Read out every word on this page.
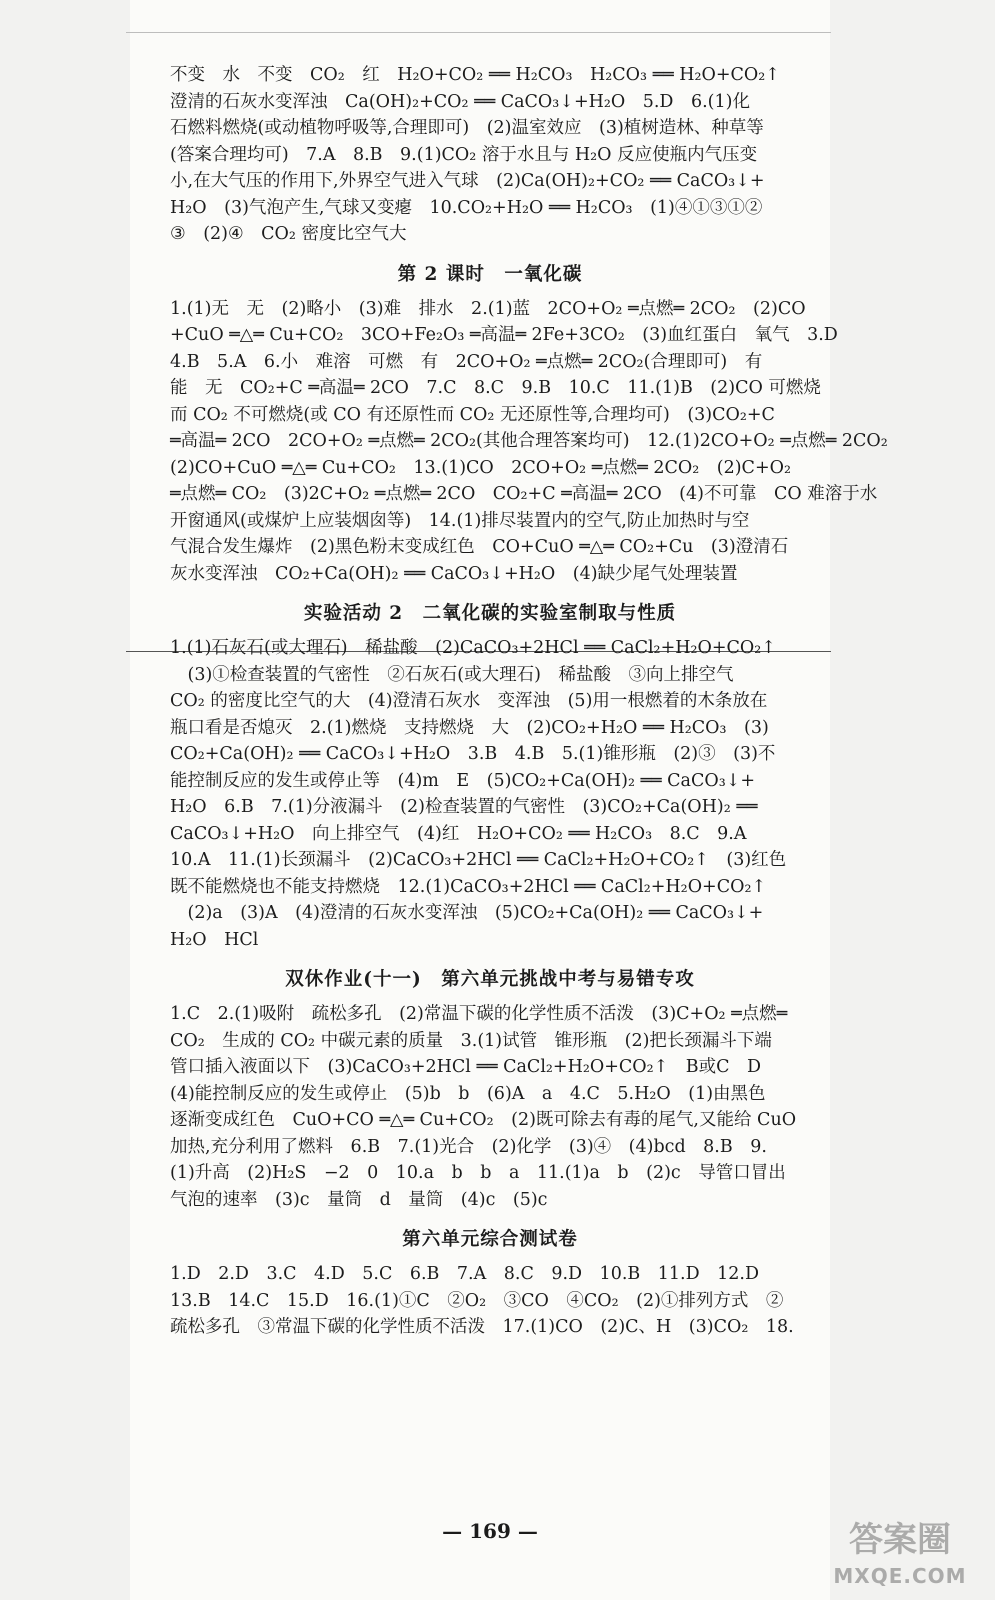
不变　水　不变　CO₂　红　H₂O+CO₂ ══ H₂CO₃　H₂CO₃ ══ H₂O+CO₂↑
澄清的石灰水变浑浊　Ca(OH)₂+CO₂ ══ CaCO₃↓+H₂O　5.D　6.(1)化
石燃料燃烧(或动植物呼吸等,合理即可)　(2)温室效应　(3)植树造林、种草等
(答案合理均可)　7.A　8.B　9.(1)CO₂ 溶于水且与 H₂O 反应使瓶内气压变
小,在大气压的作用下,外界空气进入气球　(2)Ca(OH)₂+CO₂ ══ CaCO₃↓+
H₂O　(3)气泡产生,气球又变瘪　10.CO₂+H₂O ══ H₂CO₃　(1)④①③①②
③　(2)④　CO₂ 密度比空气大
第 2 课时　一氧化碳
1.(1)无　无　(2)略小　(3)难　排水　2.(1)蓝　2CO+O₂ ═点燃═ 2CO₂　(2)CO
+CuO ═△═ Cu+CO₂　3CO+Fe₂O₃ ═高温═ 2Fe+3CO₂　(3)血红蛋白　氧气　3.D
4.B　5.A　6.小　难溶　可燃　有　2CO+O₂ ═点燃═ 2CO₂(合理即可)　有
能　无　CO₂+C ═高温═ 2CO　7.C　8.C　9.B　10.C　11.(1)B　(2)CO 可燃烧
而 CO₂ 不可燃烧(或 CO 有还原性而 CO₂ 无还原性等,合理均可)　(3)CO₂+C
═高温═ 2CO　2CO+O₂ ═点燃═ 2CO₂(其他合理答案均可)　12.(1)2CO+O₂ ═点燃═ 2CO₂
(2)CO+CuO ═△═ Cu+CO₂　13.(1)CO　2CO+O₂ ═点燃═ 2CO₂　(2)C+O₂
═点燃═ CO₂　(3)2C+O₂ ═点燃═ 2CO　CO₂+C ═高温═ 2CO　(4)不可靠　CO 难溶于水
开窗通风(或煤炉上应装烟囱等)　14.(1)排尽装置内的空气,防止加热时与空
气混合发生爆炸　(2)黑色粉末变成红色　CO+CuO ═△═ CO₂+Cu　(3)澄清石
灰水变浑浊　CO₂+Ca(OH)₂ ══ CaCO₃↓+H₂O　(4)缺少尾气处理装置
实验活动 2　二氧化碳的实验室制取与性质
1.(1)石灰石(或大理石)　稀盐酸　(2)CaCO₃+2HCl ══ CaCl₂+H₂O+CO₂↑
　(3)①检查装置的气密性　②石灰石(或大理石)　稀盐酸　③向上排空气
CO₂ 的密度比空气的大　(4)澄清石灰水　变浑浊　(5)用一根燃着的木条放在
瓶口看是否熄灭　2.(1)燃烧　支持燃烧　大　(2)CO₂+H₂O ══ H₂CO₃　(3)
CO₂+Ca(OH)₂ ══ CaCO₃↓+H₂O　3.B　4.B　5.(1)锥形瓶　(2)③　(3)不
能控制反应的发生或停止等　(4)m　E　(5)CO₂+Ca(OH)₂ ══ CaCO₃↓+
H₂O　6.B　7.(1)分液漏斗　(2)检查装置的气密性　(3)CO₂+Ca(OH)₂ ══
CaCO₃↓+H₂O　向上排空气　(4)红　H₂O+CO₂ ══ H₂CO₃　8.C　9.A
10.A　11.(1)长颈漏斗　(2)CaCO₃+2HCl ══ CaCl₂+H₂O+CO₂↑　(3)红色
既不能燃烧也不能支持燃烧　12.(1)CaCO₃+2HCl ══ CaCl₂+H₂O+CO₂↑
　(2)a　(3)A　(4)澄清的石灰水变浑浊　(5)CO₂+Ca(OH)₂ ══ CaCO₃↓+
H₂O　HCl
双休作业(十一)　第六单元挑战中考与易错专攻
1.C　2.(1)吸附　疏松多孔　(2)常温下碳的化学性质不活泼　(3)C+O₂ ═点燃═
CO₂　生成的 CO₂ 中碳元素的质量　3.(1)试管　锥形瓶　(2)把长颈漏斗下端
管口插入液面以下　(3)CaCO₃+2HCl ══ CaCl₂+H₂O+CO₂↑　B或C　D
(4)能控制反应的发生或停止　(5)b　b　(6)A　a　4.C　5.H₂O　(1)由黑色
逐渐变成红色　CuO+CO ═△═ Cu+CO₂　(2)既可除去有毒的尾气,又能给 CuO
加热,充分利用了燃料　6.B　7.(1)光合　(2)化学　(3)④　(4)bcd　8.B　9.
(1)升高　(2)H₂S　−2　0　10.a　b　b　a　11.(1)a　b　(2)c　导管口冒出
气泡的速率　(3)c　量筒　d　量筒　(4)c　(5)c
第六单元综合测试卷
1.D　2.D　3.C　4.D　5.C　6.B　7.A　8.C　9.D　10.B　11.D　12.D
13.B　14.C　15.D　16.(1)①C　②O₂　③CO　④CO₂　(2)①排列方式　②
疏松多孔　③常温下碳的化学性质不活泼　17.(1)CO　(2)C、H　(3)CO₂　18.
— 169 —	答案圈
MXQE.COM
